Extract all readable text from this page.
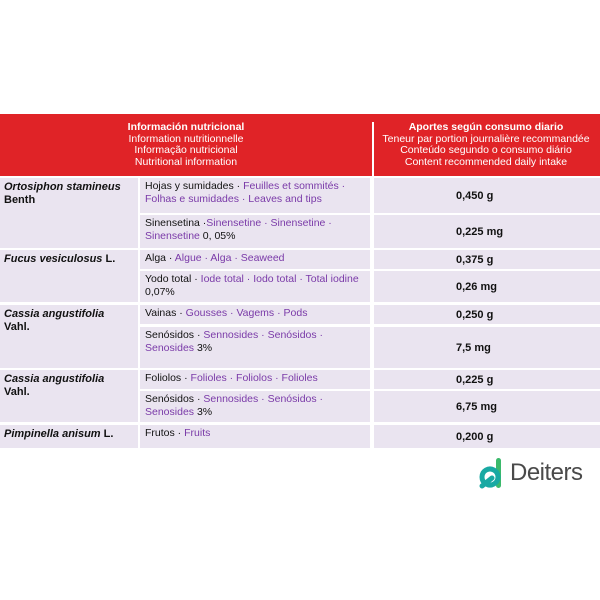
Información nutricional
Information nutritionnelle
Informação nutricional
Nutritional information
Aportes según consumo diario
Teneur par portion journalière recommandée
Conteúdo segundo o consumo diário
Content recommended daily intake
Ortosiphon stamineus
Benth
Hojas y sumidades · Feuilles et sommités · Folhas e sumidades · Leaves and tips	0,450 g
Sinensetina ·Sinensetine · Sinensetine · Sinensetine 0, 05%	0,225 mg
Fucus vesiculosus L.	Alga · Algue · Alga · Seaweed	0,375 g
Yodo total · Iode total · Iodo total · Total iodine 0,07%	0,26 mg
Cassia angustifolia
Vahl.
Vainas · Gousses · Vagems · Pods	0,250 g
Senósidos · Sennosides · Senósidos · Senosides 3%	7,5 mg
Cassia angustifolia
Vahl.
Foliolos · Folioles · Foliolos · Folioles	0,225 g
Senósidos · Sennosides · Senósidos · Senosides 3%	6,75 mg
Pimpinella anisum L.	Frutos · Fruits	0,200 g
Deiters
